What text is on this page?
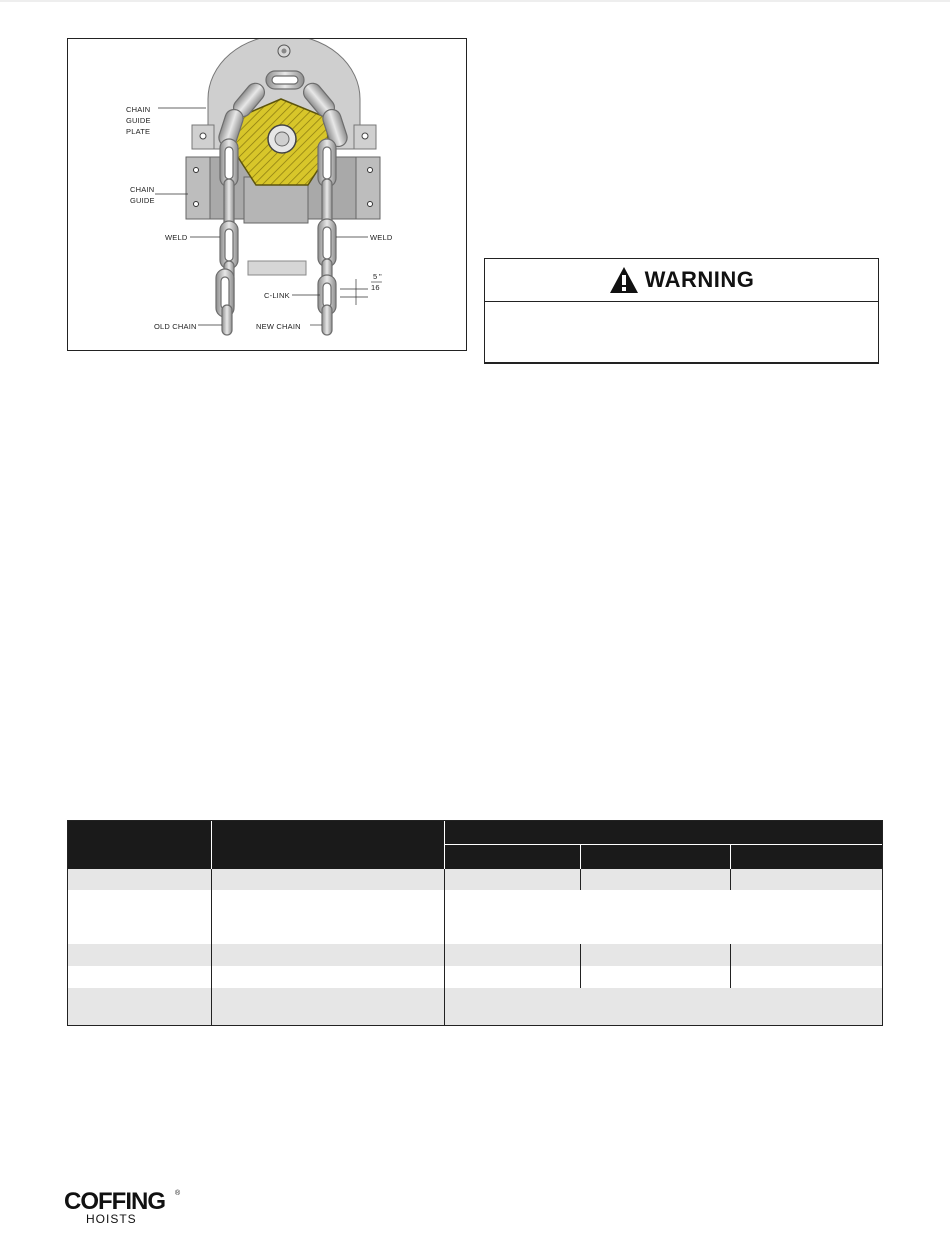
CHAIN
GUIDE
PLATE
CHAIN
GUIDE
WELD	WELD
C-LINK
OLD CHAIN	NEW CHAIN
5 "
16	WARNING
COFFING ®
HOISTS
